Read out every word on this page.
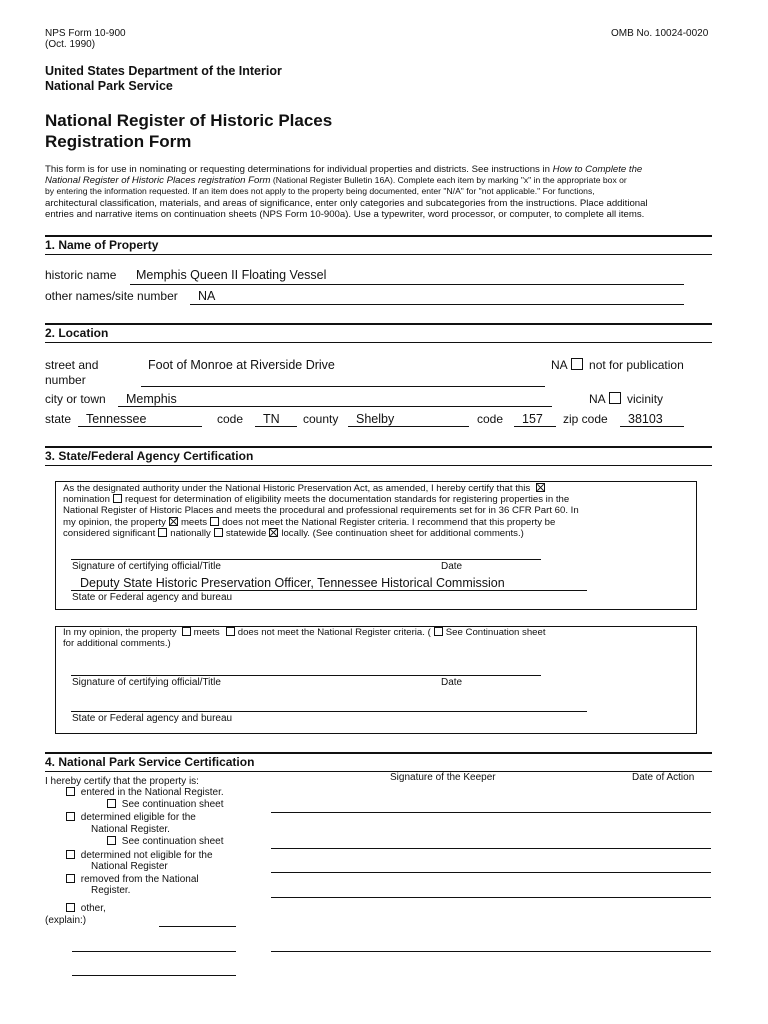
NPS Form 10-900
(Oct. 1990)
OMB No. 10024-0020
United States Department of the Interior
National Park Service
National Register of Historic Places
Registration Form
This form is for use in nominating or requesting determinations for individual properties and districts. See instructions in How to Complete the
National Register of Historic Places registration Form (National Register Bulletin 16A). Complete each item by marking "x" in the appropriate box or
by entering the information requested. If an item does not apply to the property being documented, enter "N/A" for "not applicable." For functions,
architectural classification, materials, and areas of significance, enter only categories and subcategories from the instructions. Place additional
entries and narrative items on continuation sheets (NPS Form 10-900a). Use a typewriter, word processor, or computer, to complete all items.
1. Name of Property
historic name Memphis Queen II Floating Vessel
other names/site number NA
2. Location
street and
number
Foot of Monroe at Riverside Drive	NA not for publication
city or town Memphis	NA vicinity
state Tennessee	code TN county Shelby	code 157 zip code 38103
3. State/Federal Agency Certification
As the designated authority under the National Historic Preservation Act, as amended, I hereby certify that this
nomination request for determination of eligibility meets the documentation standards for registering properties in the
National Register of Historic Places and meets the procedural and professional requirements set for in 36 CFR Part 60. In
my opinion, the property meets does not meet the National Register criteria. I recommend that this property be
considered significant nationally statewide locally. (See continuation sheet for additional comments.)
Signature of certifying official/Title	Date
Deputy State Historic Preservation Officer, Tennessee Historical Commission
State or Federal agency and bureau
In my opinion, the property meets does not meet the National Register criteria. ( See Continuation sheet
for additional comments.)
Signature of certifying official/Title	Date
State or Federal agency and bureau
4. National Park Service Certification
I hereby certify that the property is:	Signature of the Keeper	Date of Action
entered in the National Register.
See continuation sheet
determined eligible for the
National Register.
See continuation sheet
determined not eligible for the
National Register
removed from the National
Register.
other,
(explain:)
